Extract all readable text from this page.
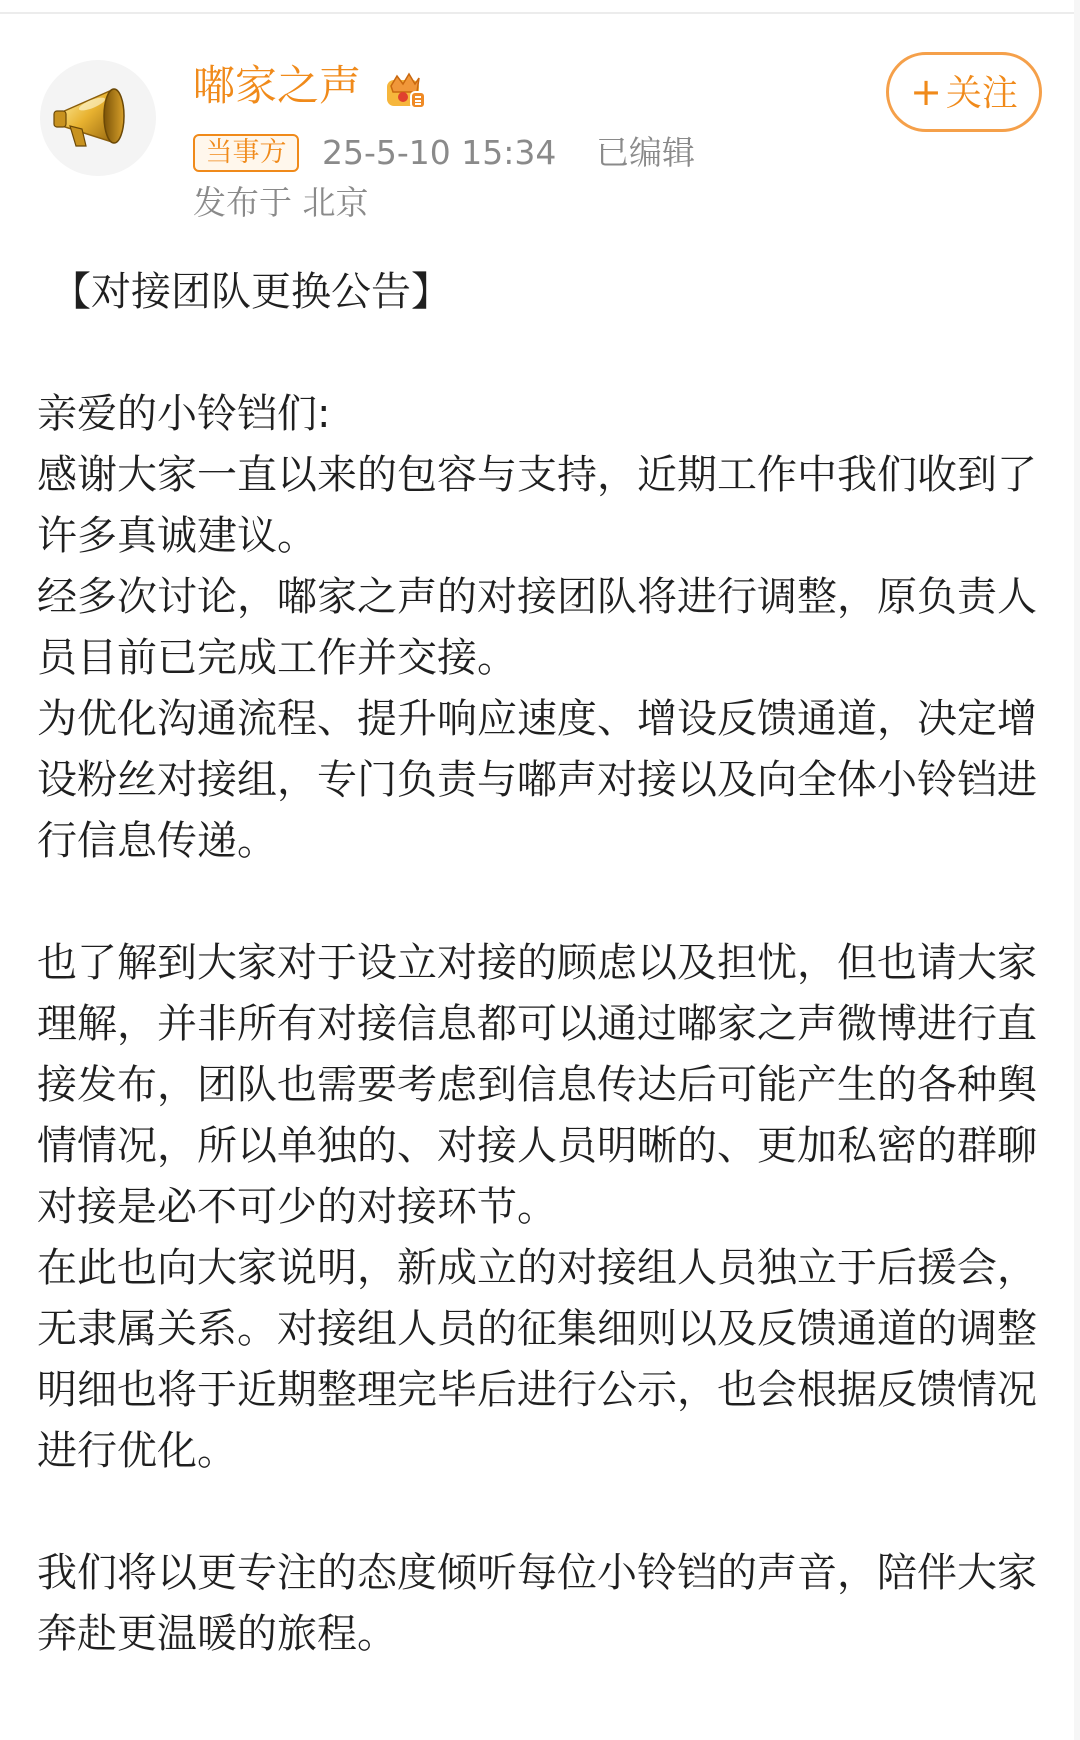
嘟家之声	+ 关注
当事方	25-5-10 15:34 已编辑
发布于 北京

【对接团队更换公告】

亲爱的小铃铛们:

感谢大家一直以来的包容与支持，近期工作中我们收到了许多真诚建议。

经多次讨论，嘟家之声的对接团队将进行调整，原负责人员目前已完成工作并交接。

为优化沟通流程、提升响应速度、增设反馈通道，决定增设粉丝对接组，专门负责与嘟声对接以及向全体小铃铛进行信息传递。

也了解到大家对于设立对接的顾虑以及担忧，但也请大家理解，并非所有对接信息都可以通过嘟家之声微博进行直接发布，团队也需要考虑到信息传达后可能产生的各种舆情情况，所以单独的、对接人员明晰的、更加私密的群聊对接是必不可少的对接环节。

在此也向大家说明，新成立的对接组人员独立于后援会，无隶属关系。对接组人员的征集细则以及反馈通道的调整明细也将于近期整理完毕后进行公示，也会根据反馈情况进行优化。

我们将以更专注的态度倾听每位小铃铛的声音，陪伴大家奔赴更温暖的旅程。
